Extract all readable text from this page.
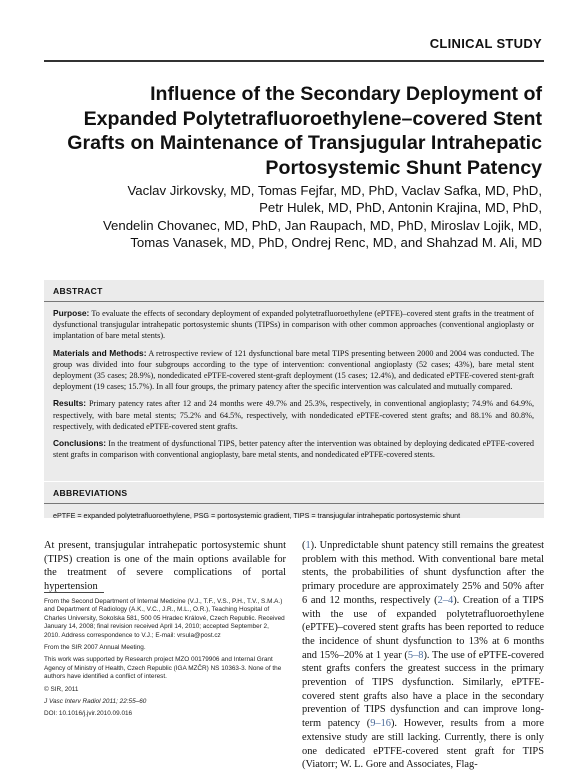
CLINICAL STUDY
Influence of the Secondary Deployment of
Expanded Polytetrafluoroethylene–covered Stent
Grafts on Maintenance of Transjugular Intrahepatic
Portosystemic Shunt Patency
Vaclav Jirkovsky, MD, Tomas Fejfar, MD, PhD, Vaclav Safka, MD, PhD,
Petr Hulek, MD, PhD, Antonin Krajina, MD, PhD,
Vendelin Chovanec, MD, PhD, Jan Raupach, MD, PhD, Miroslav Lojik, MD,
Tomas Vanasek, MD, PhD, Ondrej Renc, MD, and Shahzad M. Ali, MD
ABSTRACT
Purpose: To evaluate the effects of secondary deployment of expanded polytetrafluoroethylene (ePTFE)–covered stent grafts in the treatment of dysfunctional transjugular intrahepatic portosystemic shunts (TIPSs) in comparison with other common approaches (conventional angioplasty or implantation of bare metal stents).
Materials and Methods: A retrospective review of 121 dysfunctional bare metal TIPS presenting between 2000 and 2004 was conducted. The group was divided into four subgroups according to the type of intervention: conventional angioplasty (52 cases; 43%), bare metal stent deployment (35 cases; 28.9%), nondedicated ePTFE-covered stent-graft deployment (15 cases; 12.4%), and dedicated ePTFE-covered stent-graft deployment (19 cases; 15.7%). In all four groups, the primary patency after the specific intervention was calculated and mutually compared.
Results: Primary patency rates after 12 and 24 months were 49.7% and 25.3%, respectively, in conventional angioplasty; 74.9% and 64.9%, respectively, with bare metal stents; 75.2% and 64.5%, respectively, with nondedicated ePTFE-covered stent grafts; and 88.1% and 80.8%, respectively, with dedicated ePTFE-covered stent grafts.
Conclusions: In the treatment of dysfunctional TIPS, better patency after the intervention was obtained by deploying dedicated ePTFE-covered stent grafts in comparison with conventional angioplasty, bare metal stents, and nondedicated ePTFE-covered stents.
ABBREVIATIONS
ePTFE = expanded polytetrafluoroethylene, PSG = portosystemic gradient, TIPS = transjugular intrahepatic portosystemic shunt
At present, transjugular intrahepatic portosystemic shunt (TIPS) creation is one of the main options available for the treatment of severe complications of portal hypertension

From the Second Department of Internal Medicine (V.J., T.F., V.S., P.H., T.V., S.M.A.) and Department of Radiology (A.K., V.C., J.R., M.L., O.R.), Teaching Hospital of Charles University, Sokolska 581, 500 05 Hradec Králové, Czech Republic. Received January 14, 2008; final revision received April 14, 2010; accepted September 2, 2010. Address correspondence to V.J.; E-mail: vrsula@post.cz

From the SIR 2007 Annual Meeting.

This work was supported by Research project MZO 00179906 and Internal Grant Agency of Ministry of Health, Czech Republic (IGA MZČR) NS 10363-3. None of the authors have identified a conflict of interest.

© SIR, 2011

J Vasc Interv Radiol 2011; 22:55–60

DOI: 10.1016/j.jvir.2010.09.016

(1). Unpredictable shunt patency still remains the greatest problem with this method. With conventional bare metal stents, the probabilities of shunt dysfunction after the primary procedure are approximately 25% and 50% after 6 and 12 months, respectively (2–4). Creation of a TIPS with the use of expanded polytetrafluoroethylene (ePTFE)–covered stent grafts has been reported to reduce the incidence of shunt dysfunction to 13% at 6 months and 15%–20% at 1 year (5–8). The use of ePTFE-covered stent grafts confers the greatest success in the primary prevention of TIPS dysfunction. Similarly, ePTFE-covered stent grafts also have a place in the secondary prevention of TIPS dysfunction and can improve long-term patency (9–16). However, results from a more extensive study are still lacking. Currently, there is only one dedicated ePTFE-covered stent graft for TIPS (Viatorr; W. L. Gore and Associates, Flag-
